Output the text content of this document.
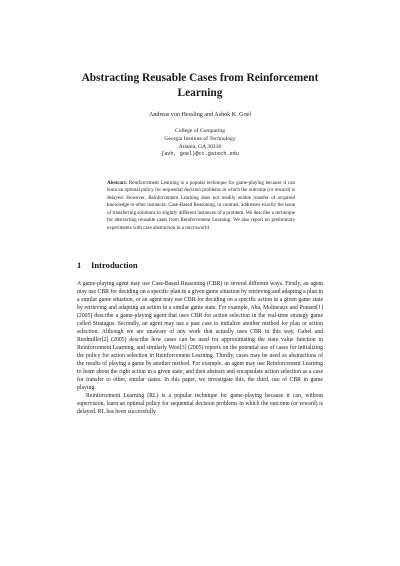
Abstracting Reusable Cases from Reinforcement Learning
Andreas von Hessling and Ashok K. Goel
College of Computing
Georgia Institute of Technology
Atlanta, GA 30318
{avh, goel}@cc.gatech.edu
Abstract. Reinforcement Learning is a popular technique for game-playing because it can learn an optimal policy for sequential decision problems in which the outcome (or reward) is delayed. However, Reinforcement Learning does not readily enable transfer of acquired knowledge to other instances. Case-Based Reasoning, in contrast, addresses exactly the issue of transferring solutions to slightly different instances of a problem. We describe a technique for abstracting reusable cases from Reinforcement Learning. We also report on preliminary experiments with case abstraction in a microworld.
1 Introduction

A game-playing agent may use Case-Based Reasoning (CBR) in several different ways. Firstly, an agent may use CBR for deciding on a specific plan in a given game situation by retrieving and adapting a plan in a similar game situation, or an agent may use CBR for deciding on a specific action in a given game state by retrieving and adapting an action in a similar game state. For example, Aha, Molineaux and Ponsen[1] (2005) describe a game-playing agent that uses CBR for action selection in the real-time strategy game called Stratagus. Secondly, an agent may use a past case to initialize another method for plan or action selection. Although we are unaware of any work that actually uses CBR in this way, Gabel and Riedmiller[2] (2005) describe how cases can be used for approximating the state value function in Reinforcement Learning, and similarly West[3] (2005) reports on the potential use of cases for initializing the policy for action selection in Reinforcement Learning. Thirdly, cases may be used as abstractions of the results of playing a game by another method. For example, an agent may use Reinforcement Learning to learn about the right action in a given state, and then abstract and encapsulate action selection as a case for transfer to other, similar states. In this paper, we investigate this, the third, use of CBR in game playing.

Reinforcement Learning (RL) is a popular technique for game-playing because it can, without supervision, learn an optimal policy for sequential decision problems in which the outcome (or reward) is delayed. RL has been successfully
